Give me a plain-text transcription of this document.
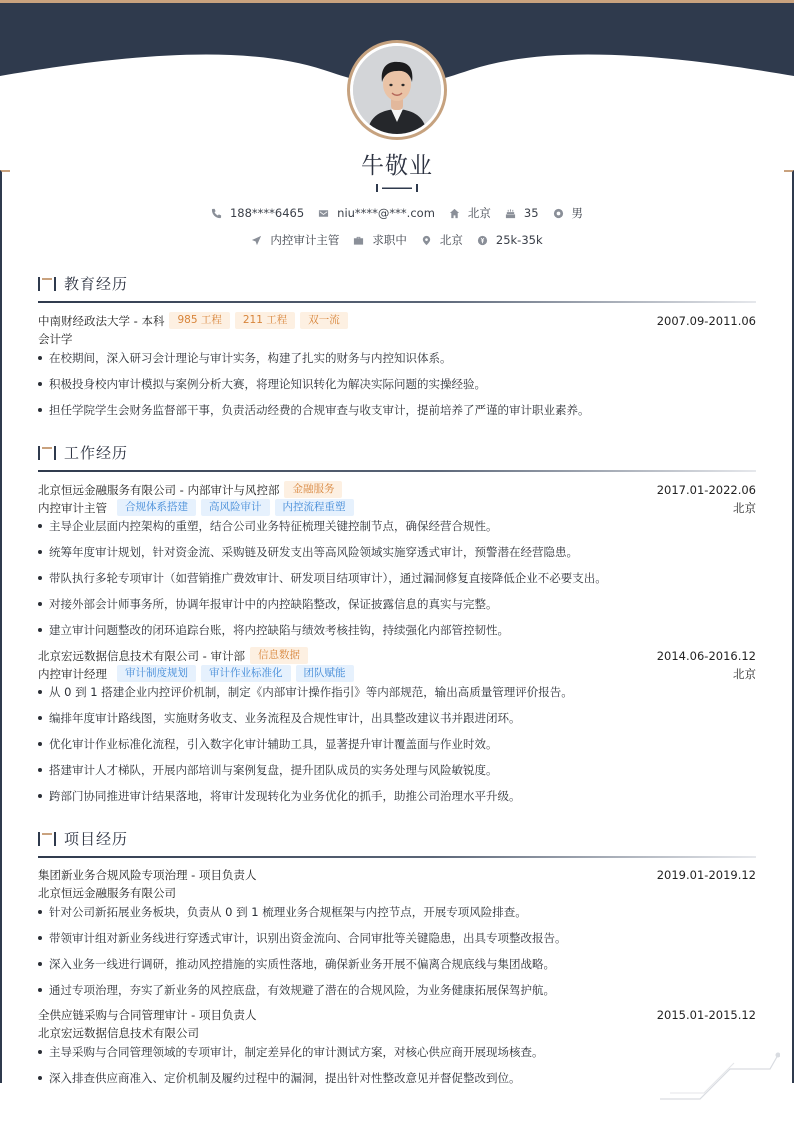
牛敬业
188****6465	niu****@***.com	北京	35	男
内控审计主管	求职中	北京	25k-35k
教育经历
中南财经政法大学 - 本科	985 工程	211 工程	双一流	2007.09-2011.06
会计学
在校期间，深入研习会计理论与审计实务，构建了扎实的财务与内控知识体系。
积极投身校内审计模拟与案例分析大赛，将理论知识转化为解决实际问题的实操经验。
担任学院学生会财务监督部干事，负责活动经费的合规审查与收支审计，提前培养了严谨的审计职业素养。
工作经历
北京恒远金融服务有限公司 - 内部审计与风控部	金融服务	2017.01-2022.06
内控审计主管	合规体系搭建	高风险审计	内控流程重塑	北京
主导企业层面内控架构的重塑，结合公司业务特征梳理关键控制节点，确保经营合规性。
统筹年度审计规划，针对资金流、采购链及研发支出等高风险领域实施穿透式审计，预警潜在经营隐患。
带队执行多轮专项审计（如营销推广费效审计、研发项目结项审计），通过漏洞修复直接降低企业不必要支出。
对接外部会计师事务所，协调年报审计中的内控缺陷整改，保证披露信息的真实与完整。
建立审计问题整改的闭环追踪台账，将内控缺陷与绩效考核挂钩，持续强化内部管控韧性。
北京宏远数据信息技术有限公司 - 审计部	信息数据	2014.06-2016.12
内控审计经理	审计制度规划	审计作业标准化	团队赋能	北京
从 0 到 1 搭建企业内控评价机制，制定《内部审计操作指引》等内部规范，输出高质量管理评价报告。
编排年度审计路线图，实施财务收支、业务流程及合规性审计，出具整改建议书并跟进闭环。
优化审计作业标准化流程，引入数字化审计辅助工具，显著提升审计覆盖面与作业时效。
搭建审计人才梯队，开展内部培训与案例复盘，提升团队成员的实务处理与风险敏锐度。
跨部门协同推进审计结果落地，将审计发现转化为业务优化的抓手，助推公司治理水平升级。
项目经历
集团新业务合规风险专项治理 - 项目负责人	2019.01-2019.12
北京恒远金融服务有限公司
针对公司新拓展业务板块，负责从 0 到 1 梳理业务合规框架与内控节点，开展专项风险排查。
带领审计组对新业务线进行穿透式审计，识别出资金流向、合同审批等关键隐患，出具专项整改报告。
深入业务一线进行调研，推动风控措施的实质性落地，确保新业务开展不偏离合规底线与集团战略。
通过专项治理，夯实了新业务的风控底盘，有效规避了潜在的合规风险，为业务健康拓展保驾护航。
全供应链采购与合同管理审计 - 项目负责人	2015.01-2015.12
北京宏远数据信息技术有限公司
主导采购与合同管理领域的专项审计，制定差异化的审计测试方案，对核心供应商开展现场核查。
深入排查供应商准入、定价机制及履约过程中的漏洞，提出针对性整改意见并督促整改到位。
